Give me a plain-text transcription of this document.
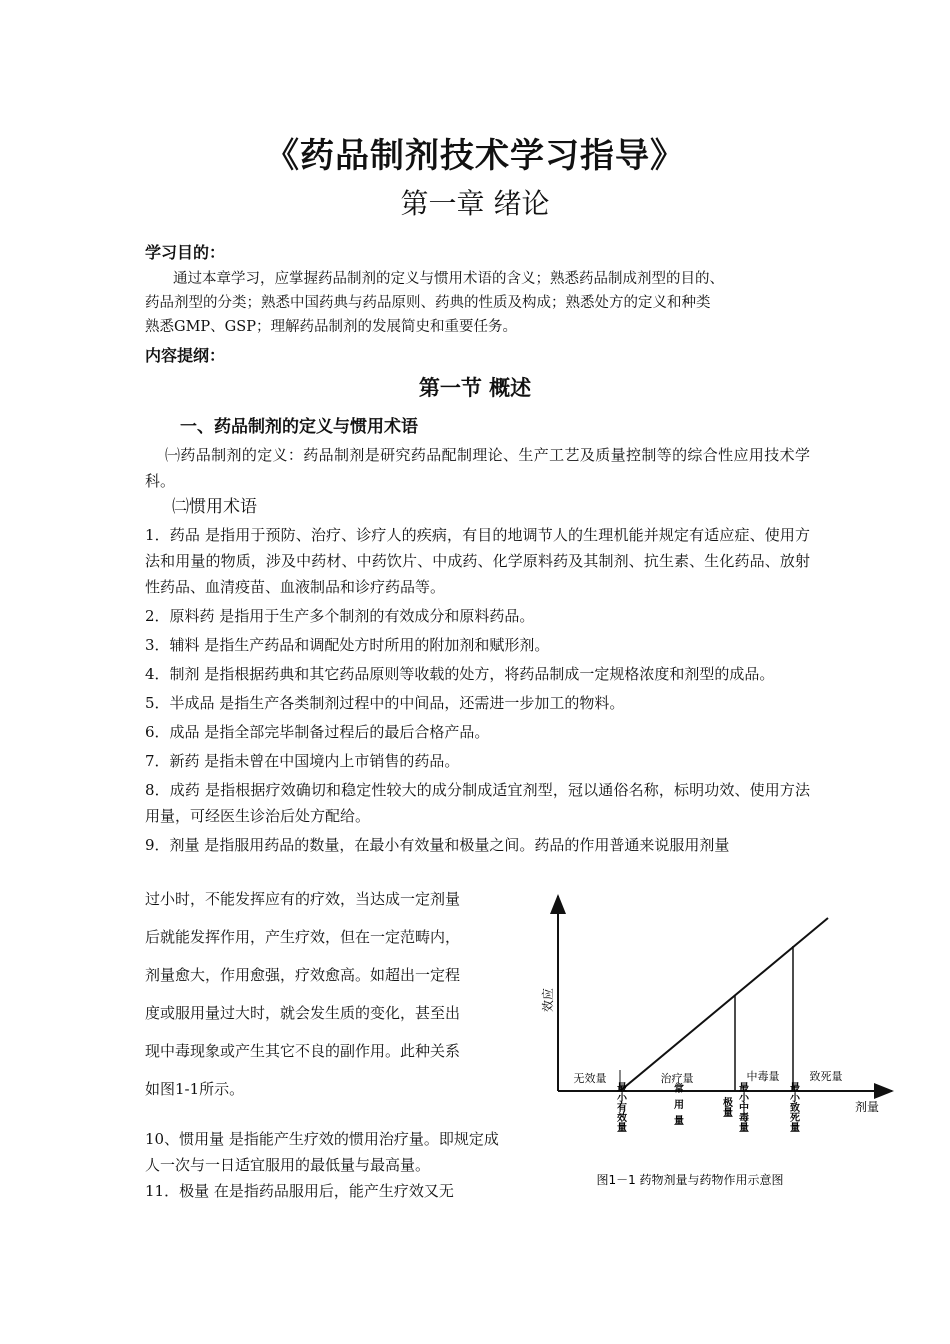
《药品制剂技术学习指导》
第一章 绪论
学习目的：

通过本章学习，应掌握药品制剂的定义与惯用术语的含义；熟悉药品制成剂型的目的、

药品剂型的分类；熟悉中国药典与药品原则、药典的性质及构成；熟悉处方的定义和种类

熟悉GMP、GSP；理解药品制剂的发展简史和重要任务。

内容提纲：
第一节 概述
一、药品制剂的定义与惯用术语
㈠药品制剂的定义：药品制剂是研究药品配制理论、生产工艺及质量控制等的综合性应用技术学科。
㈡惯用术语

1．药品 是指用于预防、治疗、诊疗人的疾病，有目的地调节人的生理机能并规定有适应症、使用方法和用量的物质，涉及中药材、中药饮片、中成药、化学原料药及其制剂、抗生素、生化药品、放射性药品、血清疫苗、血液制品和诊疗药品等。

2．原料药 是指用于生产多个制剂的有效成分和原料药品。

3．辅料 是指生产药品和调配处方时所用的附加剂和赋形剂。

4．制剂 是指根据药典和其它药品原则等收载的处方，将药品制成一定规格浓度和剂型的成品。

5．半成品 是指生产各类制剂过程中的中间品，还需进一步加工的物料。

6．成品 是指全部完毕制备过程后的最后合格产品。

7．新药 是指未曾在中国境内上市销售的药品。

8．成药 是指根据疗效确切和稳定性较大的成分制成适宜剂型，冠以通俗名称，标明功效、使用方法用量，可经医生诊治后处方配给。

9．剂量 是指服用药品的数量，在最小有效量和极量之间。药品的作用普通来说服用剂量

过小时，不能发挥应有的疗效，当达成一定剂量
后就能发挥作用，产生疗效，但在一定范畴内，
剂量愈大，作用愈强，疗效愈高。如超出一定程
度或服用量过大时，就会发生质的变化，甚至出
现中毒现象或产生其它不良的副作用。此种关系
如图1-1所示。
10、惯用量 是指能产生疗效的惯用治疗量。即规定成人一次与一日适宜服用的最低量与最高量。
11．极量 在是指药品服用后，能产生疗效又无
效应
剂量
无效量	治疗量	中毒量	致死量
最小有效量	常用量	极量 最小中毒量	最小致死量
图1－1 药物剂量与药物作用示意图
